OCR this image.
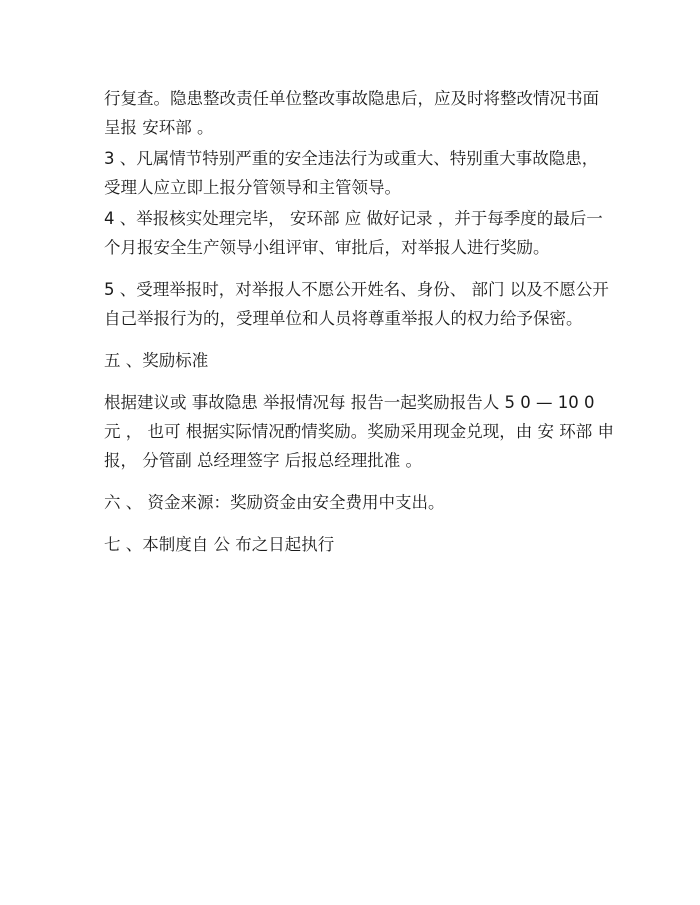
行复查。隐患整改责任单位整改事故隐患后，应及时将整改情况书面
呈报 安环部 。

3 、凡属情节特别严重的安全违法行为或重大、特别重大事故隐患，
受理人应立即上报分管领导和主管领导。

4 、举报核实处理完毕， 安环部 应 做好记录 ，并于每季度的最后一
个月报安全生产领导小组评审、审批后，对举报人进行奖励。

5 、受理举报时，对举报人不愿公开姓名、身份、 部门 以及不愿公开
自己举报行为的，受理单位和人员将尊重举报人的权力给予保密。

五 、奖励标准

根据建议或 事故隐患 举报情况每 报告一起奖励报告人 5 0 — 10 0
元 ， 也可 根据实际情况酌情奖励。奖励采用现金兑现，由 安 环部 申
报， 分管副 总经理签字 后报总经理批准 。

六 、 资金来源：奖励资金由安全费用中支出。

七 、本制度自 公 布之日起执行
